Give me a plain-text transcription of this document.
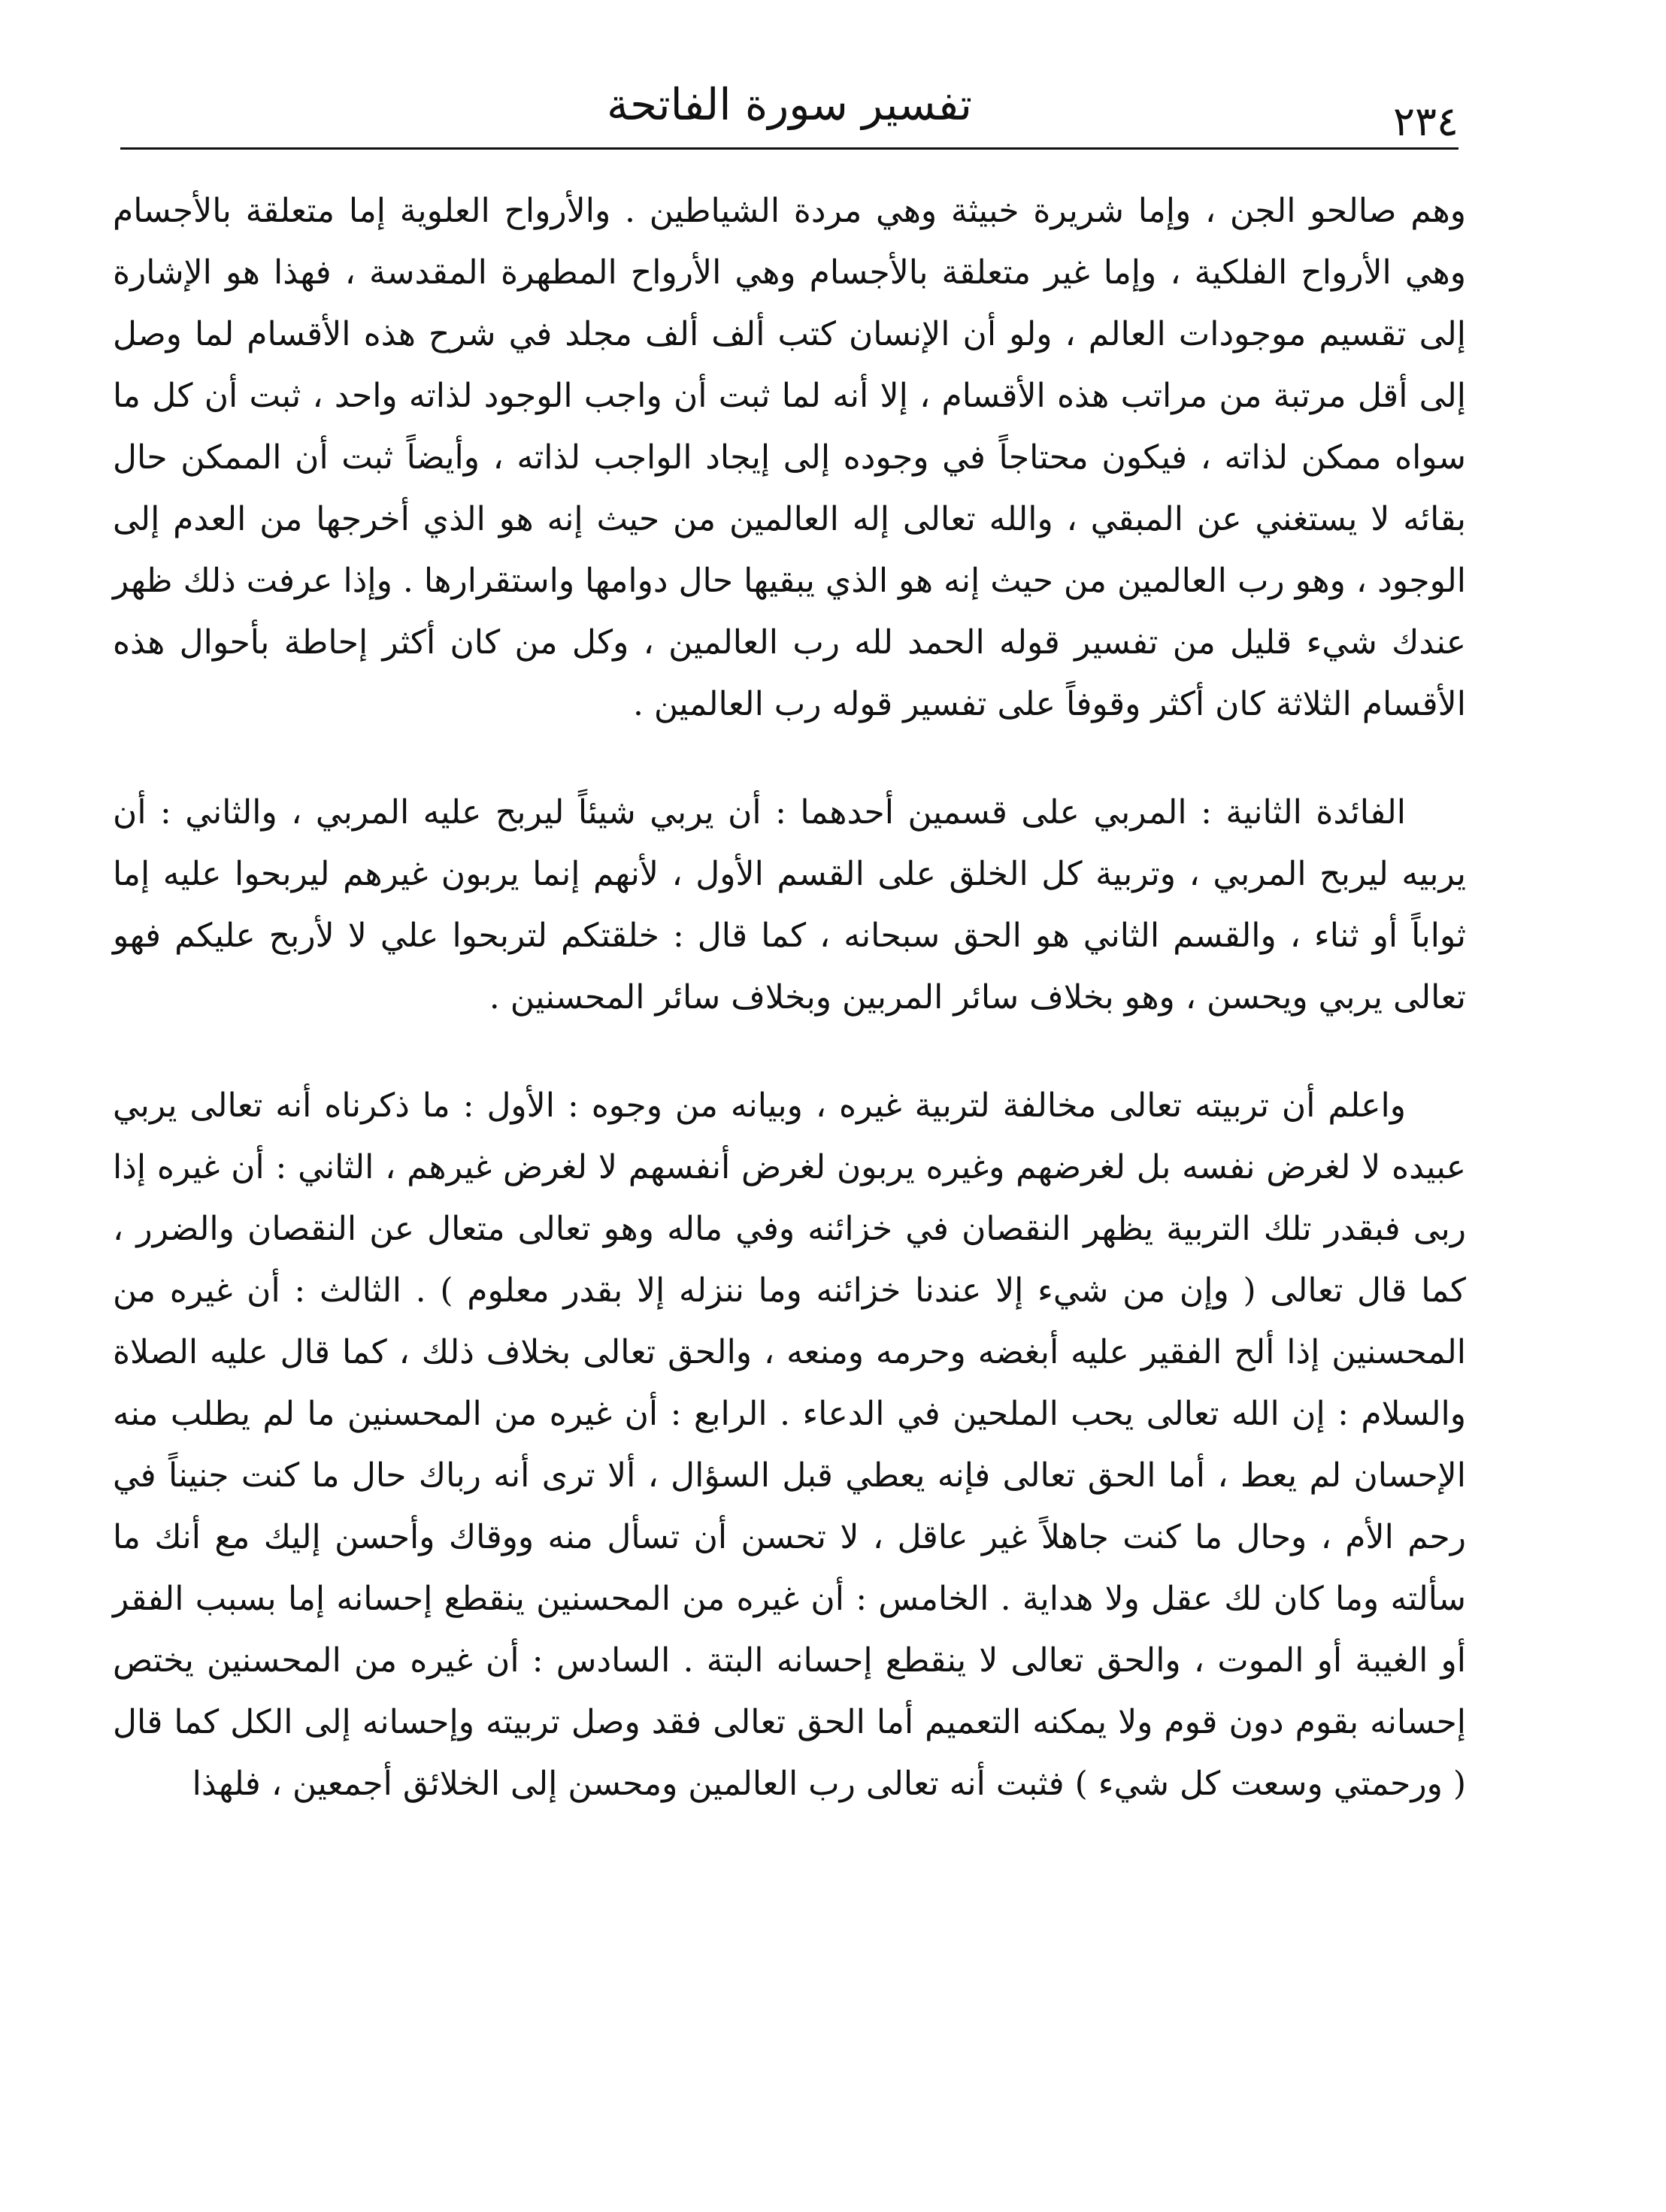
٢٣٤
تفسير سورة الفاتحة

وهم صالحو الجن ، وإما شريرة خبيثة وهي مردة الشياطين . والأرواح العلوية إما متعلقة بالأجسام وهي الأرواح الفلكية ، وإما غير متعلقة بالأجسام وهي الأرواح المطهرة المقدسة ، فهذا هو الإشارة إلى تقسيم موجودات العالم ، ولو أن الإنسان كتب ألف ألف مجلد في شرح هذه الأقسام لما وصل إلى أقل مرتبة من مراتب هذه الأقسام ، إلا أنه لما ثبت أن واجب الوجود لذاته واحد ، ثبت أن كل ما سواه ممكن لذاته ، فيكون محتاجاً في وجوده إلى إيجاد الواجب لذاته ، وأيضاً ثبت أن الممكن حال بقائه لا يستغني عن المبقي ، والله تعالى إله العالمين من حيث إنه هو الذي أخرجها من العدم إلى الوجود ، وهو رب العالمين من حيث إنه هو الذي يبقيها حال دوامها واستقرارها . وإذا عرفت ذلك ظهر عندك شيء قليل من تفسير قوله الحمد لله رب العالمين ، وكل من كان أكثر إحاطة بأحوال هذه الأقسام الثلاثة كان أكثر وقوفاً على تفسير قوله رب العالمين .

الفائدة الثانية : المربي على قسمين أحدهما : أن يربي شيئاً ليربح عليه المربي ، والثاني : أن يربيه ليربح المربي ، وتربية كل الخلق على القسم الأول ، لأنهم إنما يربون غيرهم ليربحوا عليه إما ثواباً أو ثناء ، والقسم الثاني هو الحق سبحانه ، كما قال : خلقتكم لتربحوا علي لا لأربح عليكم فهو تعالى يربي ويحسن ، وهو بخلاف سائر المربين وبخلاف سائر المحسنين .

واعلم أن تربيته تعالى مخالفة لتربية غيره ، وبيانه من وجوه : الأول : ما ذكرناه أنه تعالى يربي عبيده لا لغرض نفسه بل لغرضهم وغيره يربون لغرض أنفسهم لا لغرض غيرهم ، الثاني : أن غيره إذا ربى فبقدر تلك التربية يظهر النقصان في خزائنه وفي ماله وهو تعالى متعال عن النقصان والضرر ، كما قال تعالى ( وإن من شيء إلا عندنا خزائنه وما ننزله إلا بقدر معلوم ) . الثالث : أن غيره من المحسنين إذا ألح الفقير عليه أبغضه وحرمه ومنعه ، والحق تعالى بخلاف ذلك ، كما قال عليه الصلاة والسلام : إن الله تعالى يحب الملحين في الدعاء . الرابع : أن غيره من المحسنين ما لم يطلب منه الإحسان لم يعط ، أما الحق تعالى فإنه يعطي قبل السؤال ، ألا ترى أنه رباك حال ما كنت جنيناً في رحم الأم ، وحال ما كنت جاهلاً غير عاقل ، لا تحسن أن تسأل منه ووقاك وأحسن إليك مع أنك ما سألته وما كان لك عقل ولا هداية . الخامس : أن غيره من المحسنين ينقطع إحسانه إما بسبب الفقر أو الغيبة أو الموت ، والحق تعالى لا ينقطع إحسانه البتة . السادس : أن غيره من المحسنين يختص إحسانه بقوم دون قوم ولا يمكنه التعميم أما الحق تعالى فقد وصل تربيته وإحسانه إلى الكل كما قال ( ورحمتي وسعت كل شيء ) فثبت أنه تعالى رب العالمين ومحسن إلى الخلائق أجمعين ، فلهذا
